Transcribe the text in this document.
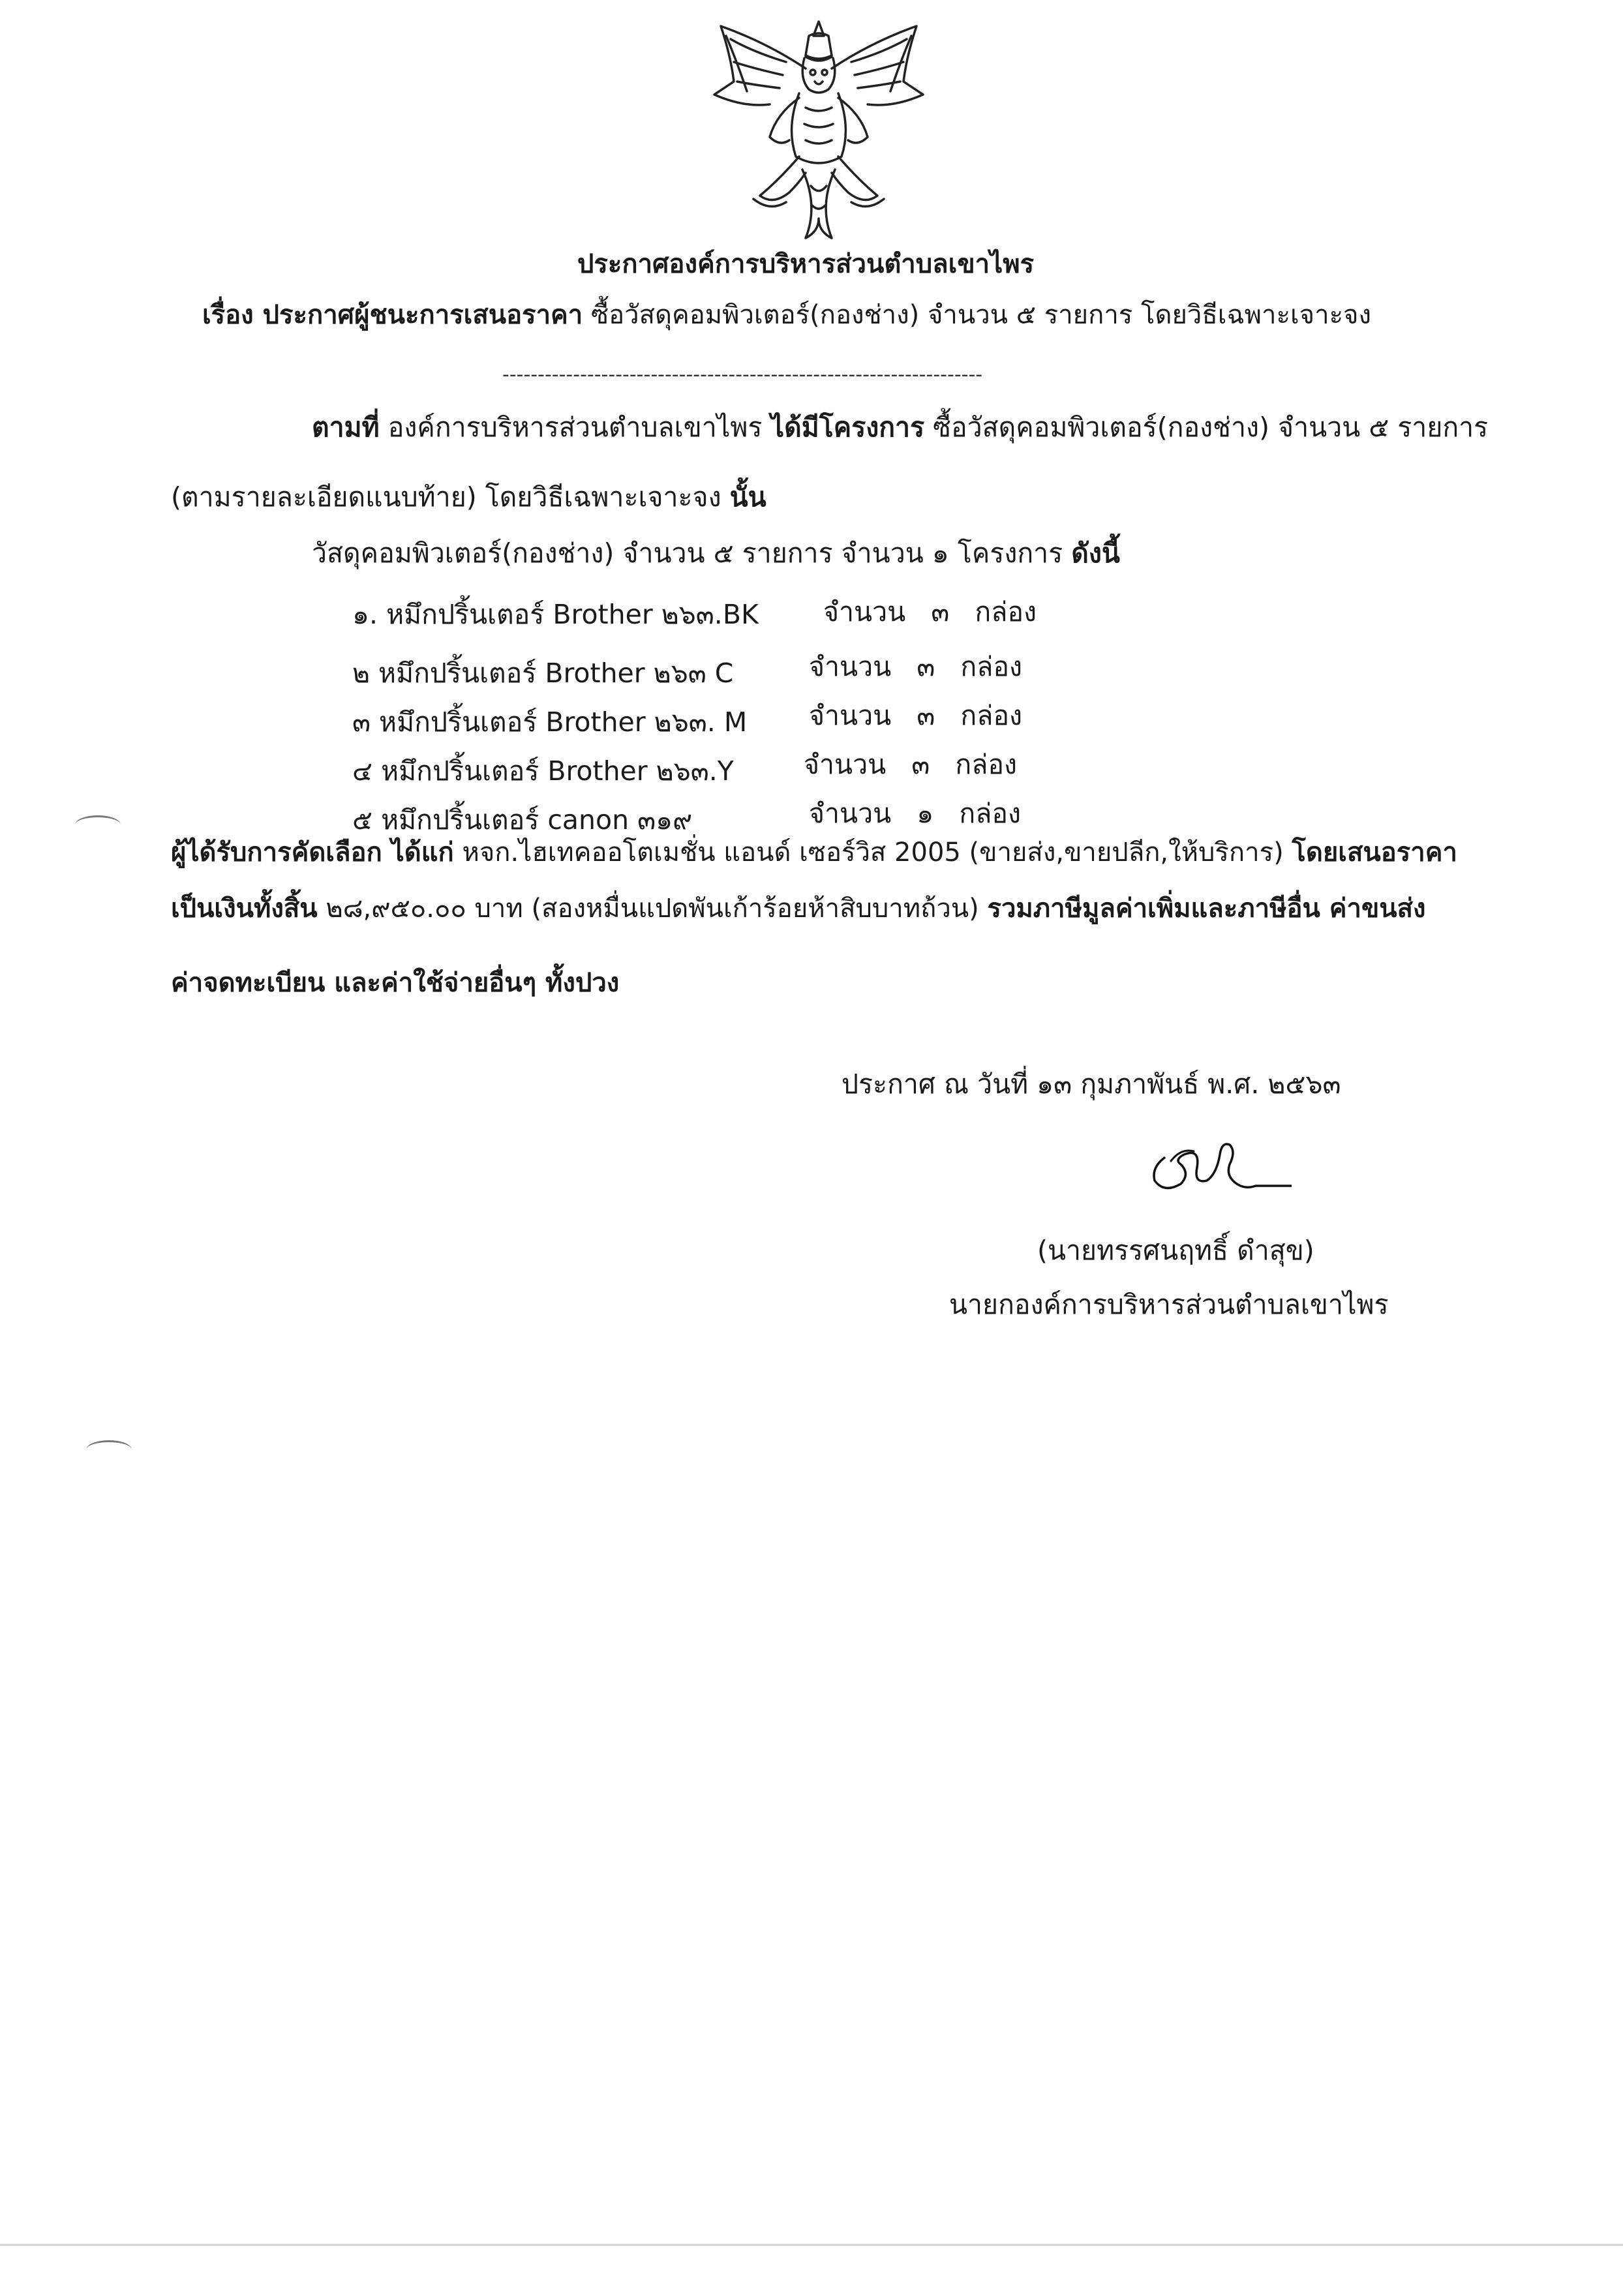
ประกาศองค์การบริหารส่วนตำบลเขาไพร
เรื่อง ประกาศผู้ชนะการเสนอราคา ซื้อวัสดุคอมพิวเตอร์(กองช่าง) จำนวน ๕ รายการ โดยวิธีเฉพาะเจาะจง
--------------------------------------------------------------------
ตามที่ องค์การบริหารส่วนตำบลเขาไพร ได้มีโครงการ ซื้อวัสดุคอมพิวเตอร์(กองช่าง) จำนวน ๕ รายการ
(ตามรายละเอียดแนบท้าย) โดยวิธีเฉพาะเจาะจง นั้น
วัสดุคอมพิวเตอร์(กองช่าง) จำนวน ๕ รายการ จำนวน ๑ โครงการ ดังนี้
๑. หมึกปริ้นเตอร์ Brother ๒๖๓.BK จำนวน ๓ กล่อง
๒ หมึกปริ้นเตอร์ Brother ๒๖๓ C	จำนวน ๓ กล่อง
๓ หมึกปริ้นเตอร์ Brother ๒๖๓. M จำนวน ๓ กล่อง
๔ หมึกปริ้นเตอร์ Brother ๒๖๓.Y	จำนวน ๓ กล่อง
๕ หมึกปริ้นเตอร์ canon ๓๑๙	จำนวน ๑ กล่อง
ผู้ได้รับการคัดเลือก ได้แก่ หจก.ไฮเทคออโตเมชั่น แอนด์ เซอร์วิส 2005 (ขายส่ง,ขายปลีก,ให้บริการ) โดยเสนอราคา
เป็นเงินทั้งสิ้น ๒๘,๙๕๐.๐๐ บาท (สองหมื่นแปดพันเก้าร้อยห้าสิบบาทถ้วน) รวมภาษีมูลค่าเพิ่มและภาษีอื่น ค่าขนส่ง
ค่าจดทะเบียน และค่าใช้จ่ายอื่นๆ ทั้งปวง
ประกาศ ณ วันที่ ๑๓ กุมภาพันธ์ พ.ศ. ๒๕๖๓
(นายทรรศนฤทธิ์ ดำสุข)
นายกองค์การบริหารส่วนตำบลเขาไพร
